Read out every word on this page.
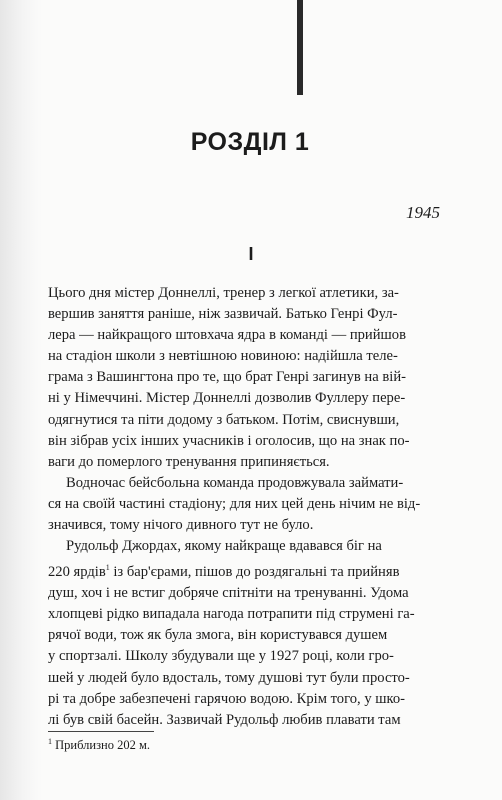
РОЗДІЛ 1
1945
I

Цього дня містер Доннеллі, тренер з легкої атлетики, за-
вершив заняття раніше, ніж зазвичай. Батько Генрі Фул-
лера — найкращого штовхача ядра в команді — прийшов
на стадіон школи з невтішною новиною: надійшла теле-
грама з Вашингтона про те, що брат Генрі загинув на вій-
ні у Німеччині. Містер Доннеллі дозволив Фуллеру пере-
одягнутися та піти додому з батьком. Потім, свиснувши,
він зібрав усіх інших учасників і оголосив, що на знак по-
ваги до померлого тренування припиняється.

Водночас бейсбольна команда продовжувала займати-
ся на своїй частині стадіону; для них цей день нічим не від-
значився, тому нічого дивного тут не було.

Рудольф Джордах, якому найкраще вдавався біг на
220 ярдів$^1$ із бар'єрами, пішов до роздягальні та прийняв
душ, хоч і не встиг добряче спітніти на тренуванні. Удома
хлопцеві рідко випадала нагода потрапити під струмені га-
рячої води, тож як була змога, він користувався душем
у спортзалі. Школу збудували ще у 1927 році, коли гро-
шей у людей було вдосталь, тому душові тут були просто-
рі та добре забезпечені гарячою водою. Крім того, у шко-
лі був свій басейн. Зазвичай Рудольф любив плавати там

$^1$ Приблизно 202 м.
